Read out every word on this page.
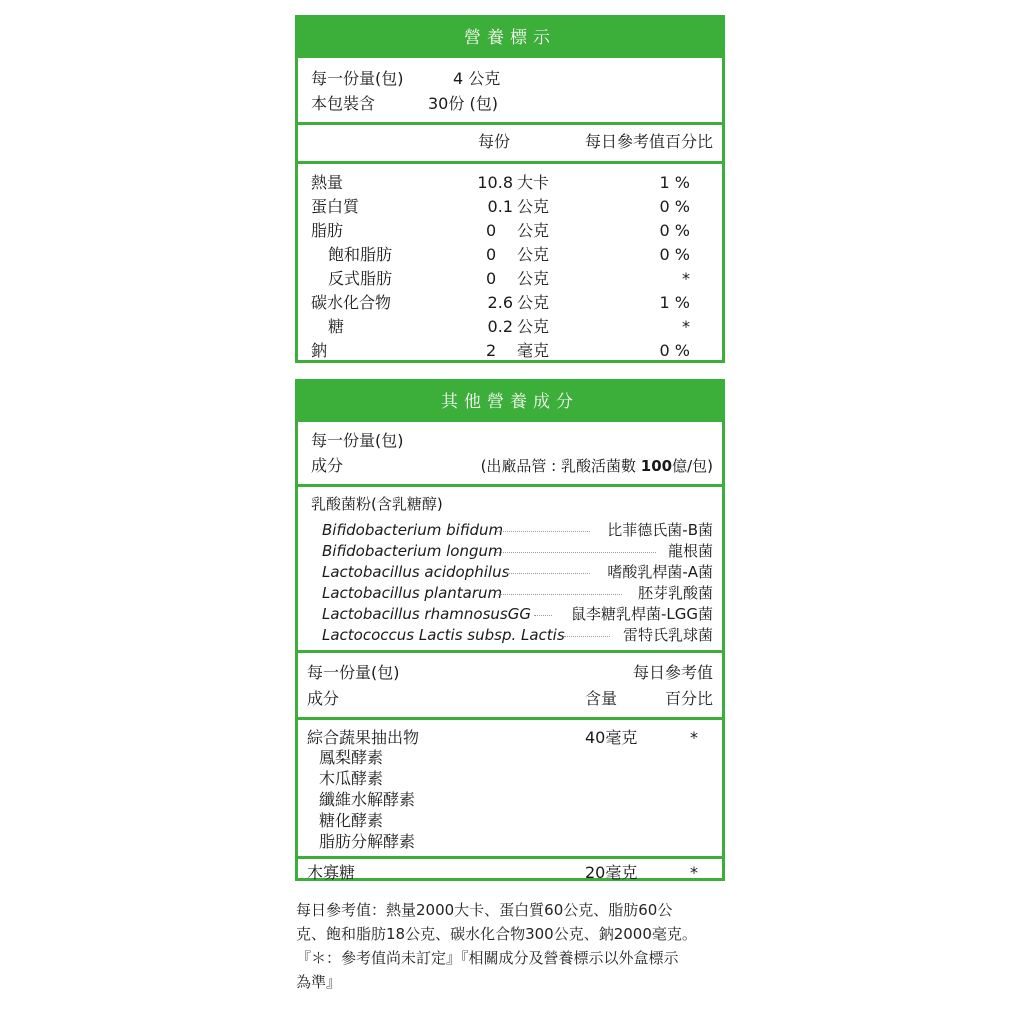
營養標示
每一份量(包)	4 公克
本包裝含	30份 (包)
每份	每日參考值百分比
熱量	10.8 大卡	1 %
蛋白質	0.1 公克	0 %
脂肪	0 公克	0 %
飽和脂肪	0 公克	0 %
反式脂肪	0 公克	*
碳水化合物	2.6 公克	1 %
糖	0.2 公克	*
鈉	2 毫克	0 %
其他營養成分
每一份量(包)
成分	(出廠品管 : 乳酸活菌數 100億/包)
乳酸菌粉(含乳糖醇)
Bifidobacterium bifidum	比菲德氏菌-B菌
Bifidobacterium longum	龍根菌
Lactobacillus acidophilus	嗜酸乳桿菌-A菌
Lactobacillus plantarum	胚芽乳酸菌
Lactobacillus rhamnosusGG	鼠李糖乳桿菌-LGG菌
Lactococcus Lactis subsp. Lactis	雷特氏乳球菌
每一份量(包)	每日參考值
成分	含量	百分比
綜合蔬果抽出物	40毫克	*
鳳梨酵素
木瓜酵素
纖維水解酵素
糖化酵素
脂肪分解酵素
木寡糖	20毫克	*
每日參考值：熱量2000大卡、蛋白質60公克、脂肪60公
克、飽和脂肪18公克、碳水化合物300公克、鈉2000毫克。
『＊：參考值尚未訂定』『相關成分及營養標示以外盒標示
為準』
